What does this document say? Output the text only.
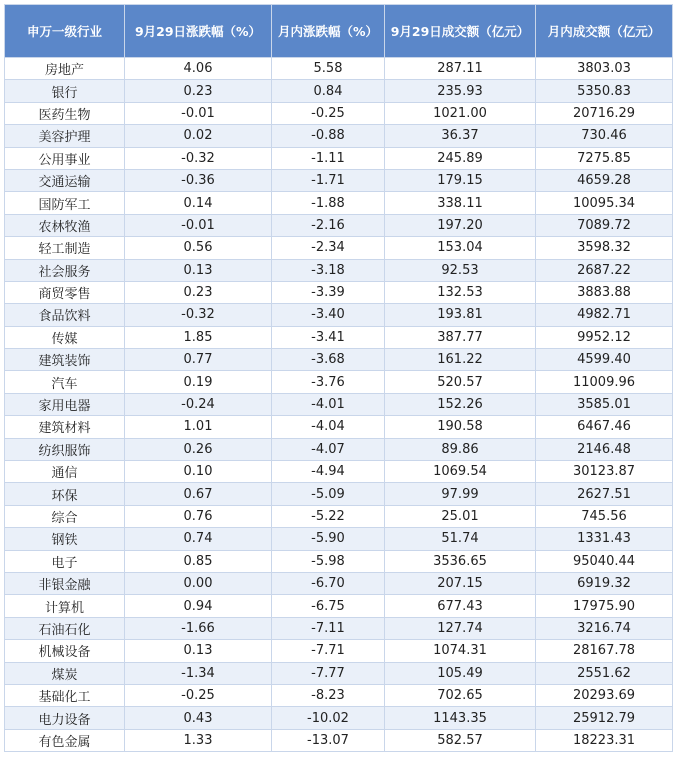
申万一级行业	9月29日涨跌幅（%）	月内涨跌幅（%）	9月29日成交额（亿元）	月内成交额（亿元）
房地产	4.06	5.58	287.11	3803.03
银行	0.23	0.84	235.93	5350.83
医药生物	-0.01	-0.25	1021.00	20716.29
美容护理	0.02	-0.88	36.37	730.46
公用事业	-0.32	-1.11	245.89	7275.85
交通运输	-0.36	-1.71	179.15	4659.28
国防军工	0.14	-1.88	338.11	10095.34
农林牧渔	-0.01	-2.16	197.20	7089.72
轻工制造	0.56	-2.34	153.04	3598.32
社会服务	0.13	-3.18	92.53	2687.22
商贸零售	0.23	-3.39	132.53	3883.88
食品饮料	-0.32	-3.40	193.81	4982.71
传媒	1.85	-3.41	387.77	9952.12
建筑装饰	0.77	-3.68	161.22	4599.40
汽车	0.19	-3.76	520.57	11009.96
家用电器	-0.24	-4.01	152.26	3585.01
建筑材料	1.01	-4.04	190.58	6467.46
纺织服饰	0.26	-4.07	89.86	2146.48
通信	0.10	-4.94	1069.54	30123.87
环保	0.67	-5.09	97.99	2627.51
综合	0.76	-5.22	25.01	745.56
钢铁	0.74	-5.90	51.74	1331.43
电子	0.85	-5.98	3536.65	95040.44
非银金融	0.00	-6.70	207.15	6919.32
计算机	0.94	-6.75	677.43	17975.90
石油石化	-1.66	-7.11	127.74	3216.74
机械设备	0.13	-7.71	1074.31	28167.78
煤炭	-1.34	-7.77	105.49	2551.62
基础化工	-0.25	-8.23	702.65	20293.69
电力设备	0.43	-10.02	1143.35	25912.79
有色金属	1.33	-13.07	582.57	18223.31
